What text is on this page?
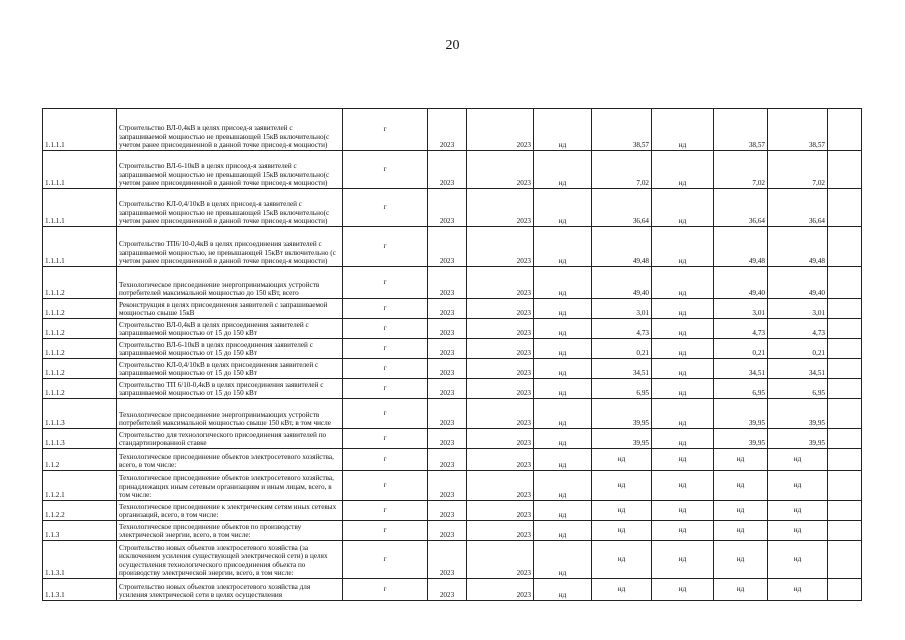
20
1.1.1.1	Строительство ВЛ-0,4кВ в целях присоед-я заявителей с запрашиваемой мощностью не превышающей 15кВ включительно(с учетом ранее присоединенной в данной точке присоед-я мощности)	г	2023	2023	нд	38,57	нд	38,57	38,57	
1.1.1.1	Строительство ВЛ-6-10кВ в целях присоед-я заявителей с запрашиваемой мощностью не превышающей 15кВ включительно(с учетом ранее присоединенной в данной точке присоед-я мощности)	г	2023	2023	нд	7,02	нд	7,02	7,02	
1.1.1.1	Строительство КЛ-0,4/10кВ в целях присоед-я заявителей с запрашиваемой мощностью не превышающей 15кВ включительно(с учетом ранее присоединенной в данной точке присоед-я мощности)	г	2023	2023	нд	36,64	нд	36,64	36,64	
1.1.1.1	Строительство ТП6/10-0,4кВ в целях присоединения заявителей с запрашиваемой мощностью, не превышающей 15кВт включительно (с учетом ранее присоединенной в данной точке присоед-я мощности)	г	2023	2023	нд	49,48	нд	49,48	49,48	
1.1.1.2	Технологическое присоединение энергопринимающих устройств потребителей максимальной мощностью до 150 кВт, всего	г	2023	2023	нд	49,40	нд	49,40	49,40	
1.1.1.2	Реконструкция в целях присоединения заявителей с запрашиваемой мощностью свыше 15кВ	г	2023	2023	нд	3,01	нд	3,01	3,01	
1.1.1.2	Строительство ВЛ-0,4кВ в целях присоединения заявителей с запрашиваемой мощностью от 15 до 150 кВт	г	2023	2023	нд	4,73	нд	4,73	4,73	
1.1.1.2	Строительство ВЛ-6-10кВ в целях присоединения заявителей с запрашиваемой мощностью от 15 до 150 кВт	г	2023	2023	нд	0,21	нд	0,21	0,21	
1.1.1.2	Строительство КЛ-0,4/10кВ в целях присоединения заявителей с запрашиваемой мощностью от 15 до 150 кВт	г	2023	2023	нд	34,51	нд	34,51	34,51	
1.1.1.2	Строительство ТП 6/10-0,4кВ в целях присоединения заявителей с запрашиваемой мощностью от 15 до 150 кВт	г	2023	2023	нд	6,95	нд	6,95	6,95	
1.1.1.3	Технологическое присоединение энергопринимающих устройств потребителей максимальной мощностью свыше 150 кВт, в том числе	г	2023	2023	нд	39,95	нд	39,95	39,95	
1.1.1.3	Строительство для технологического присоединения заявителей по стандартизированной ставке	г	2023	2023	нд	39,95	нд	39,95	39,95	
1.1.2	Технологическое присоединение объектов электросетевого хозяйства, всего, в том числе:	г	2023	2023	нд	нд	нд	нд	нд	
1.1.2.1	Технологическое присоединение объектов электросетевого хозяйства, принадлежащих иным сетевым организациям и иным лицам, всего, в том числе:	г	2023	2023	нд	нд	нд	нд	нд	
1.1.2.2	Технологическое присоединение к электрическим сетям иных сетевых организаций, всего, в том числе:	г	2023	2023	нд	нд	нд	нд	нд	
1.1.3	Технологическое присоединение объектов по производству электрической энергии, всего, в том числе:	г	2023	2023	нд	нд	нд	нд	нд	
1.1.3.1	Строительство новых объектов электросетевого хозяйства (за исключением усиления существующей электрической сети) в целях осуществления технологического присоединения объекта по производству электрической энергии, всего, в том числе:	г	2023	2023	нд	нд	нд	нд	нд	
1.1.3.1	Строительство новых объектов электросетевого хозяйства для усиления электрической сети в целях осуществления	г	2023	2023	нд	нд	нд	нд	нд	
